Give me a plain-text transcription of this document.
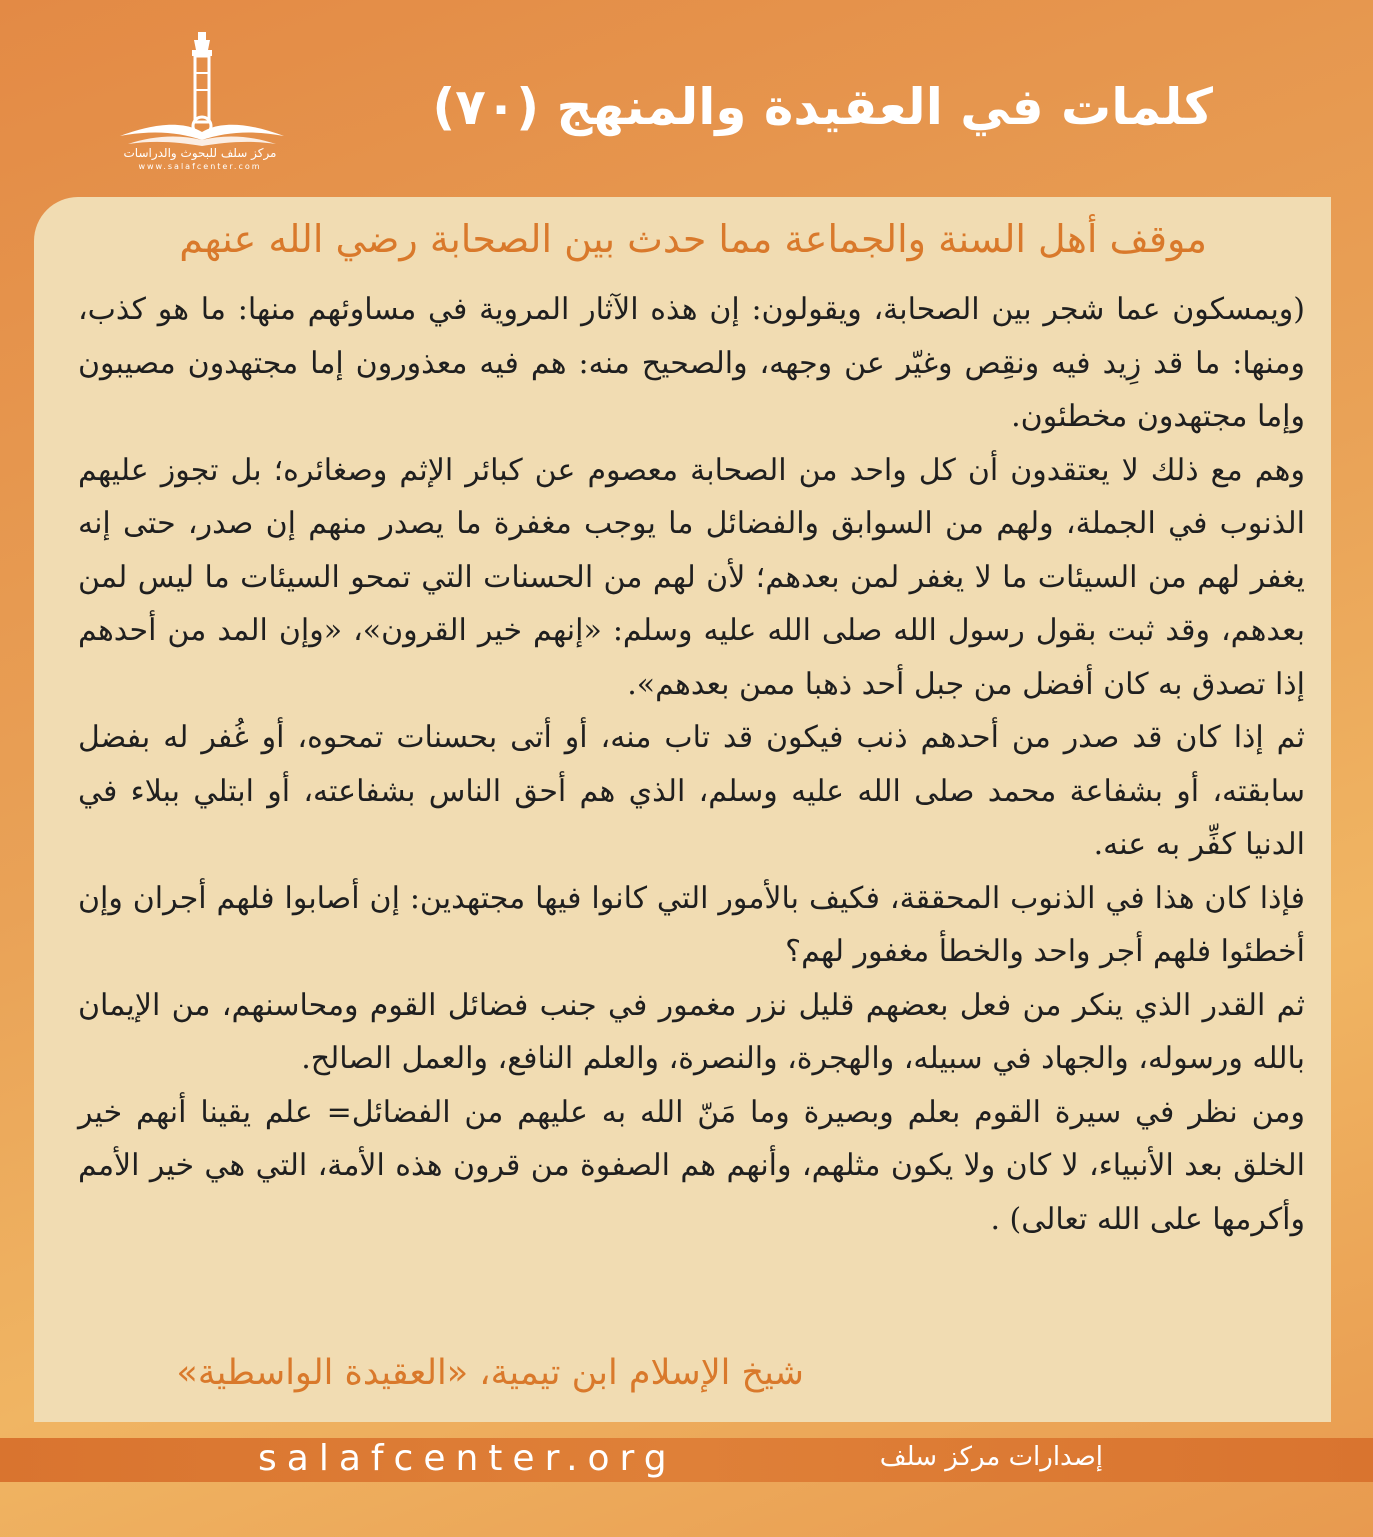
مركز سلف للبحوث والدراسات
www.salafcenter.com
كلمات في العقيدة والمنهج (٧٠)
موقف أهل السنة والجماعة مما حدث بين الصحابة رضي الله عنهم

(ويمسكون عما شجر بين الصحابة، ويقولون: إن هذه الآثار المروية في مساوئهم منها: ما هو كذب، ومنها: ما قد زِيد فيه ونقِص وغيّر عن وجهه، والصحيح منه: هم فيه معذورون إما مجتهدون مصيبون وإما مجتهدون مخطئون.

وهم مع ذلك لا يعتقدون أن كل واحد من الصحابة معصوم عن كبائر الإثم وصغائره؛ بل تجوز عليهم الذنوب في الجملة، ولهم من السوابق والفضائل ما يوجب مغفرة ما يصدر منهم إن صدر، حتى إنه يغفر لهم من السيئات ما لا يغفر لمن بعدهم؛ لأن لهم من الحسنات التي تمحو السيئات ما ليس لمن بعدهم، وقد ثبت بقول رسول الله صلى الله عليه وسلم: «إنهم خير القرون»، «وإن المد من أحدهم إذا تصدق به كان أفضل من جبل أحد ذهبا ممن بعدهم».

ثم إذا كان قد صدر من أحدهم ذنب فيكون قد تاب منه، أو أتى بحسنات تمحوه، أو غُفر له بفضل سابقته، أو بشفاعة محمد صلى الله عليه وسلم، الذي هم أحق الناس بشفاعته، أو ابتلي ببلاء في الدنيا كفِّر به عنه.

فإذا كان هذا في الذنوب المحققة، فكيف بالأمور التي كانوا فيها مجتهدين: إن أصابوا فلهم أجران وإن أخطئوا فلهم أجر واحد والخطأ مغفور لهم؟

ثم القدر الذي ينكر من فعل بعضهم قليل نزر مغمور في جنب فضائل القوم ومحاسنهم، من الإيمان بالله ورسوله، والجهاد في سبيله، والهجرة، والنصرة، والعلم النافع، والعمل الصالح.

ومن نظر في سيرة القوم بعلم وبصيرة وما مَنّ الله به عليهم من الفضائل= علم يقينا أنهم خير الخلق بعد الأنبياء، لا كان ولا يكون مثلهم، وأنهم هم الصفوة من قرون هذه الأمة، التي هي خير الأمم وأكرمها على الله تعالى) .

شيخ الإسلام ابن تيمية، «العقيدة الواسطية»
إصدارات مركز سلف
salafcenter.org
